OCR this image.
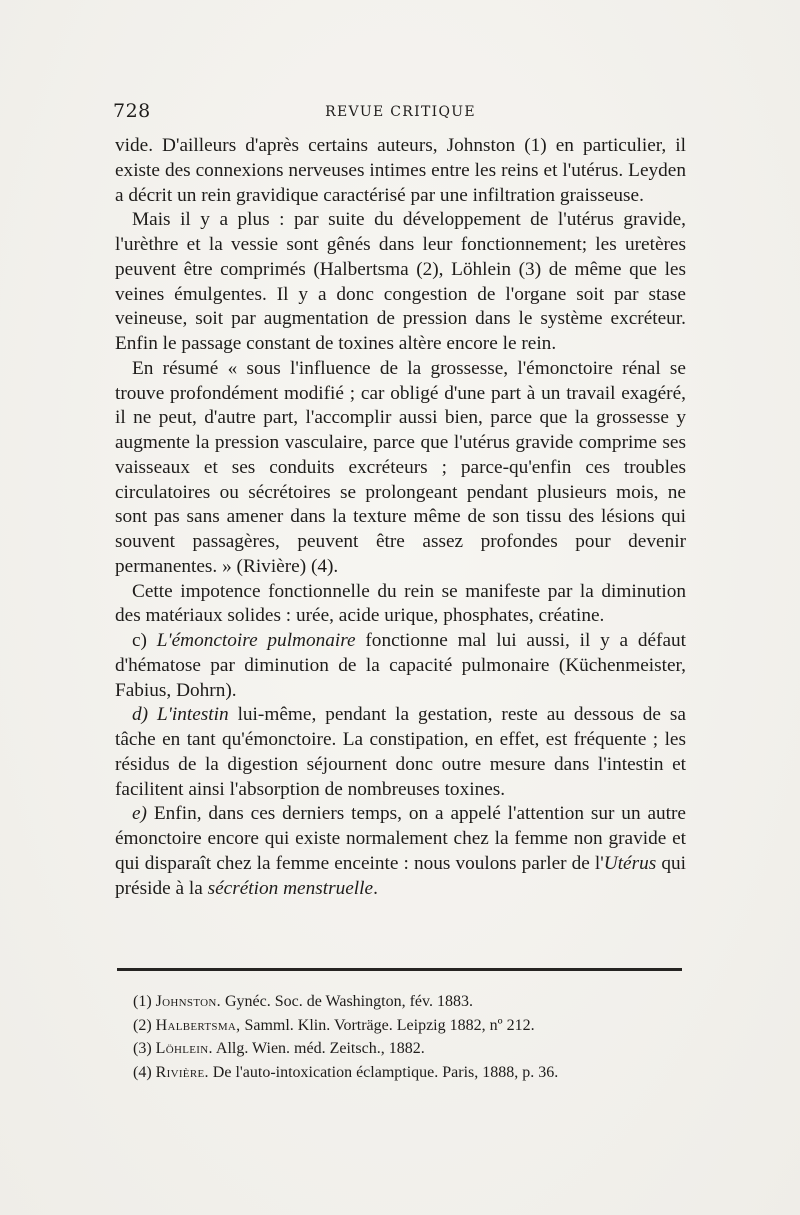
728	REVUE CRITIQUE

vide. D'ailleurs d'après certains auteurs, Johnston (1) en particulier, il existe des connexions nerveuses intimes entre les reins et l'utérus. Leyden a décrit un rein gravidique caractérisé par une infiltration graisseuse.

Mais il y a plus : par suite du développement de l'utérus gravide, l'urèthre et la vessie sont gênés dans leur fonctionnement; les uretères peuvent être comprimés (Halbertsma (2), Löhlein (3) de même que les veines émulgentes. Il y a donc congestion de l'organe soit par stase veineuse, soit par augmentation de pression dans le système excréteur. Enfin le passage constant de toxines altère encore le rein.

En résumé « sous l'influence de la grossesse, l'émonctoire rénal se trouve profondément modifié ; car obligé d'une part à un travail exagéré, il ne peut, d'autre part, l'accomplir aussi bien, parce que la grossesse y augmente la pression vasculaire, parce que l'utérus gravide comprime ses vaisseaux et ses conduits excréteurs ; parce-qu'enfin ces troubles circulatoires ou sécrétoires se prolongeant pendant plusieurs mois, ne sont pas sans amener dans la texture même de son tissu des lésions qui souvent passagères, peuvent être assez profondes pour devenir permanentes. » (Rivière) (4).

Cette impotence fonctionnelle du rein se manifeste par la diminution des matériaux solides : urée, acide urique, phosphates, créatine.

c) L'émonctoire pulmonaire fonctionne mal lui aussi, il y a défaut d'hématose par diminution de la capacité pulmonaire (Küchenmeister, Fabius, Dohrn).

d) L'intestin lui-même, pendant la gestation, reste au dessous de sa tâche en tant qu'émonctoire. La constipation, en effet, est fréquente ; les résidus de la digestion séjournent donc outre mesure dans l'intestin et facilitent ainsi l'absorption de nombreuses toxines.

e) Enfin, dans ces derniers temps, on a appelé l'attention sur un autre émonctoire encore qui existe normalement chez la femme non gravide et qui disparaît chez la femme enceinte : nous voulons parler de l'Utérus qui préside à la sécrétion menstruelle.

(1) Johnston. Gynéc. Soc. de Washington, fév. 1883.
(2) Halbertsma, Samml. Klin. Vorträge. Leipzig 1882, nº 212.
(3) Löhlein. Allg. Wien. méd. Zeitsch., 1882.
(4) Rivière. De l'auto-intoxication éclamptique. Paris, 1888, p. 36.
